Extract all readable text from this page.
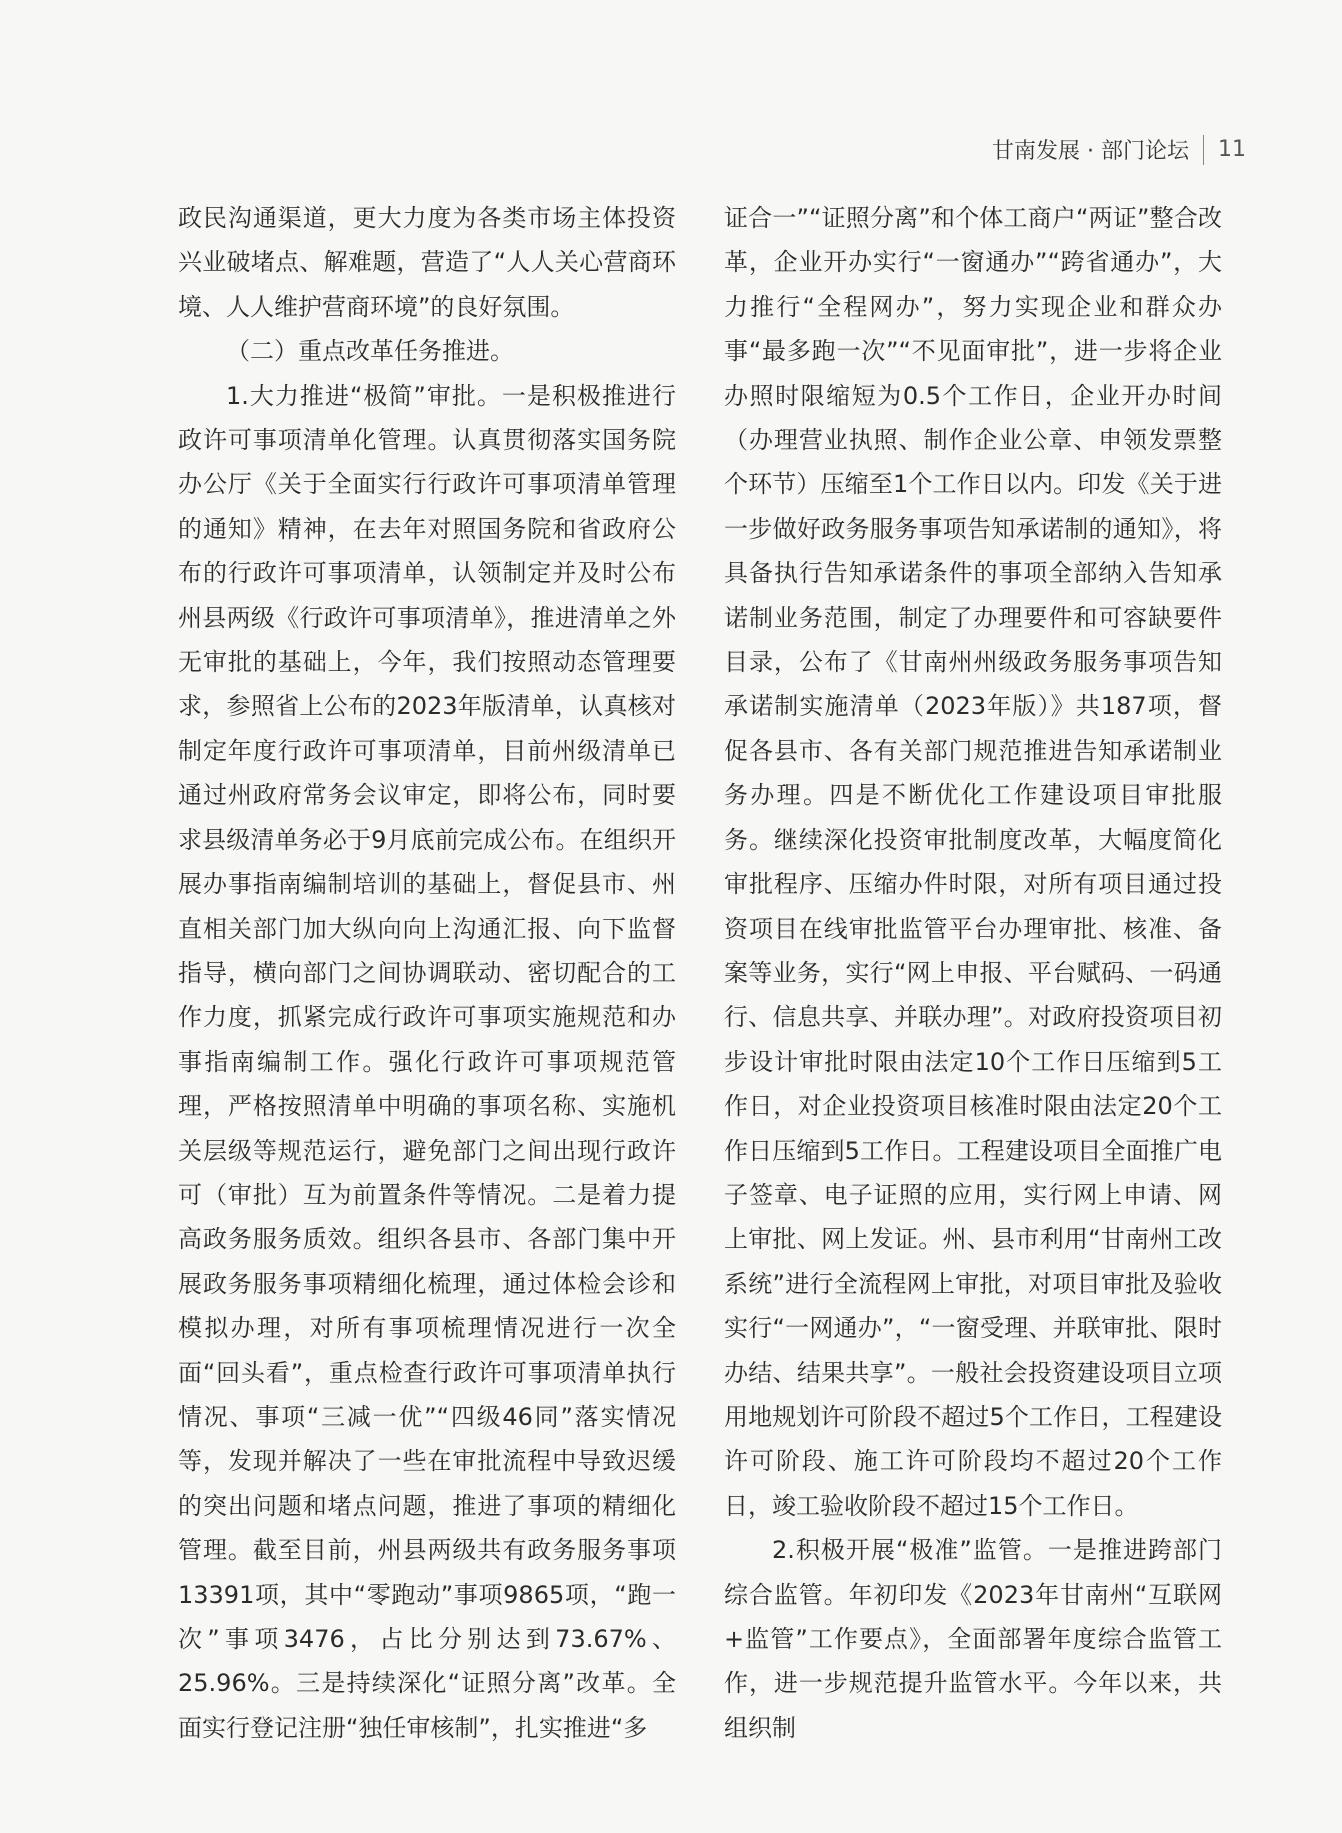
甘南发展 · 部门论坛 11

政民沟通渠道，更大力度为各类市场主体投资兴业破堵点、解难题，营造了“人人关心营商环境、人人维护营商环境”的良好氛围。

（二）重点改革任务推进。

1.大力推进“极简”审批。一是积极推进行政许可事项清单化管理。认真贯彻落实国务院办公厅《关于全面实行行政许可事项清单管理的通知》精神，在去年对照国务院和省政府公布的行政许可事项清单，认领制定并及时公布州县两级《行政许可事项清单》，推进清单之外无审批的基础上，今年，我们按照动态管理要求，参照省上公布的2023年版清单，认真核对制定年度行政许可事项清单，目前州级清单已通过州政府常务会议审定，即将公布，同时要求县级清单务必于9月底前完成公布。在组织开展办事指南编制培训的基础上，督促县市、州直相关部门加大纵向向上沟通汇报、向下监督指导，横向部门之间协调联动、密切配合的工作力度，抓紧完成行政许可事项实施规范和办事指南编制工作。强化行政许可事项规范管理，严格按照清单中明确的事项名称、实施机关层级等规范运行，避免部门之间出现行政许可（审批）互为前置条件等情况。二是着力提高政务服务质效。组织各县市、各部门集中开展政务服务事项精细化梳理，通过体检会诊和模拟办理，对所有事项梳理情况进行一次全面“回头看”，重点检查行政许可事项清单执行情况、事项“三减一优”“四级46同”落实情况等，发现并解决了一些在审批流程中导致迟缓的突出问题和堵点问题，推进了事项的精细化管理。截至目前，州县两级共有政务服务事项13391项，其中“零跑动”事项9865项，“跑一次”事项3476，占比分别达到73.67%、25.96%。三是持续深化“证照分离”改革。全面实行登记注册“独任审核制”，扎实推进“多

证合一”“证照分离”和个体工商户“两证”整合改革，企业开办实行“一窗通办”“跨省通办”，大力推行“全程网办”，努力实现企业和群众办事“最多跑一次”“不见面审批”，进一步将企业办照时限缩短为0.5个工作日，企业开办时间（办理营业执照、制作企业公章、申领发票整个环节）压缩至1个工作日以内。印发《关于进一步做好政务服务事项告知承诺制的通知》，将具备执行告知承诺条件的事项全部纳入告知承诺制业务范围，制定了办理要件和可容缺要件目录，公布了《甘南州州级政务服务事项告知承诺制实施清单（2023年版）》共187项，督促各县市、各有关部门规范推进告知承诺制业务办理。四是不断优化工作建设项目审批服务。继续深化投资审批制度改革，大幅度简化审批程序、压缩办件时限，对所有项目通过投资项目在线审批监管平台办理审批、核准、备案等业务，实行“网上申报、平台赋码、一码通行、信息共享、并联办理”。对政府投资项目初步设计审批时限由法定10个工作日压缩到5工作日，对企业投资项目核准时限由法定20个工作日压缩到5工作日。工程建设项目全面推广电子签章、电子证照的应用，实行网上申请、网上审批、网上发证。州、县市利用“甘南州工改系统”进行全流程网上审批，对项目审批及验收实行“一网通办”，“一窗受理、并联审批、限时办结、结果共享”。一般社会投资建设项目立项用地规划许可阶段不超过5个工作日，工程建设许可阶段、施工许可阶段均不超过20个工作日，竣工验收阶段不超过15个工作日。

2.积极开展“极准”监管。一是推进跨部门综合监管。年初印发《2023年甘南州“互联网+监管”工作要点》，全面部署年度综合监管工作，进一步规范提升监管水平。今年以来，共组织制
